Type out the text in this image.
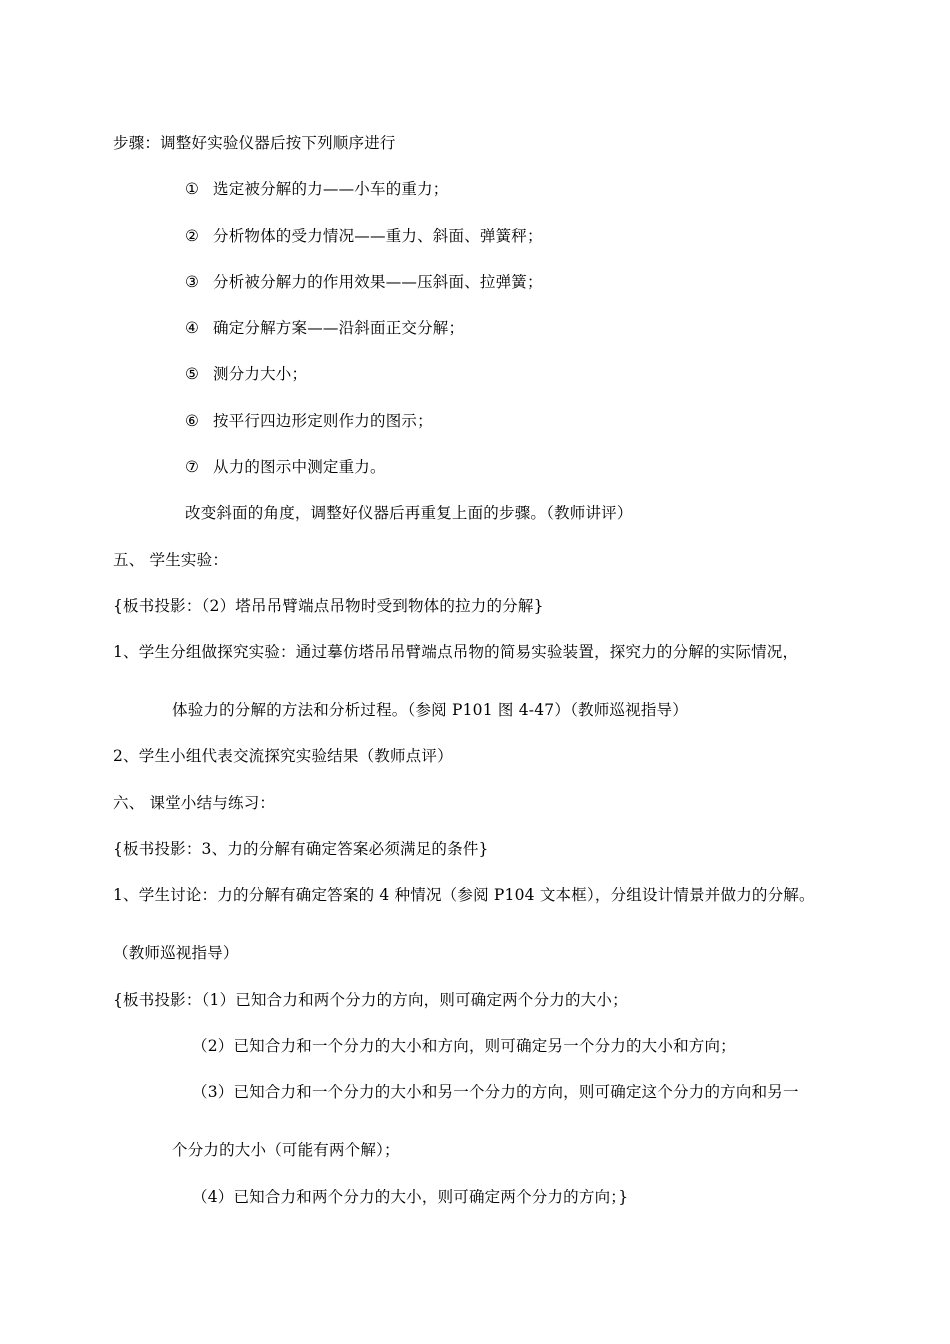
步骤：调整好实验仪器后按下列顺序进行
① 选定被分解的力——小车的重力；
② 分析物体的受力情况——重力、斜面、弹簧秤；
③ 分析被分解力的作用效果——压斜面、拉弹簧；
④ 确定分解方案——沿斜面正交分解；
⑤ 测分力大小；
⑥ 按平行四边形定则作力的图示；
⑦ 从力的图示中测定重力。
改变斜面的角度，调整好仪器后再重复上面的步骤。（教师讲评）
五、 学生实验：
{板书投影：（2）塔吊吊臂端点吊物时受到物体的拉力的分解}
1、学生分组做探究实验：通过摹仿塔吊吊臂端点吊物的简易实验装置，探究力的分解的实际情况，
体验力的分解的方法和分析过程。（参阅 P101 图 4-47）（教师巡视指导）
2、学生小组代表交流探究实验结果（教师点评）
六、 课堂小结与练习：
{板书投影：3、力的分解有确定答案必须满足的条件}
1、学生讨论：力的分解有确定答案的 4 种情况（参阅 P104 文本框），分组设计情景并做力的分解。
（教师巡视指导）
{板书投影：（1）已知合力和两个分力的方向，则可确定两个分力的大小；
（2）已知合力和一个分力的大小和方向，则可确定另一个分力的大小和方向；
（3）已知合力和一个分力的大小和另一个分力的方向，则可确定这个分力的方向和另一
个分力的大小（可能有两个解）；
（4）已知合力和两个分力的大小，则可确定两个分力的方向；}
